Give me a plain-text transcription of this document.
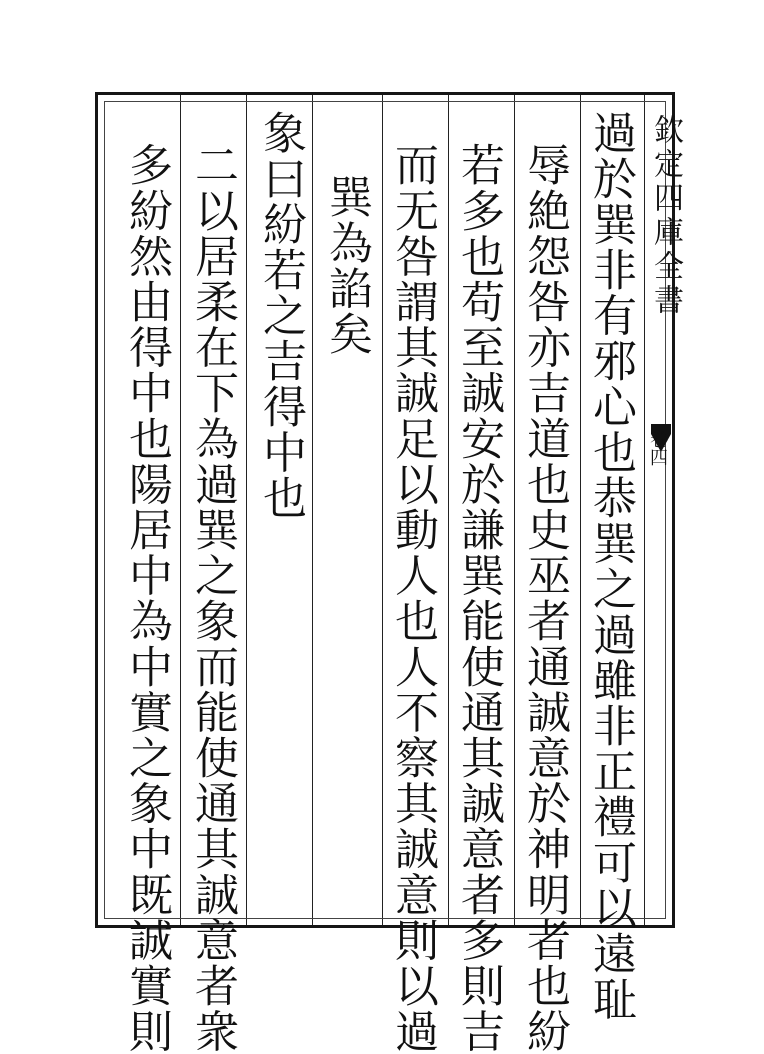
欽定四庫全書
卷四
過於巽非有邪心也恭巽之過雖非正禮可以遠耻
辱絶怨咎亦吉道也史巫者通誠意於神明者也紛
若多也苟至誠安於謙巽能使通其誠意者多則吉
而无咎謂其誠足以動人也人不察其誠意則以過
巽為諂矣
象曰紛若之吉得中也
二以居柔在下為過巽之象而能使通其誠意者衆
多紛然由得中也陽居中為中實之象中既誠實則
